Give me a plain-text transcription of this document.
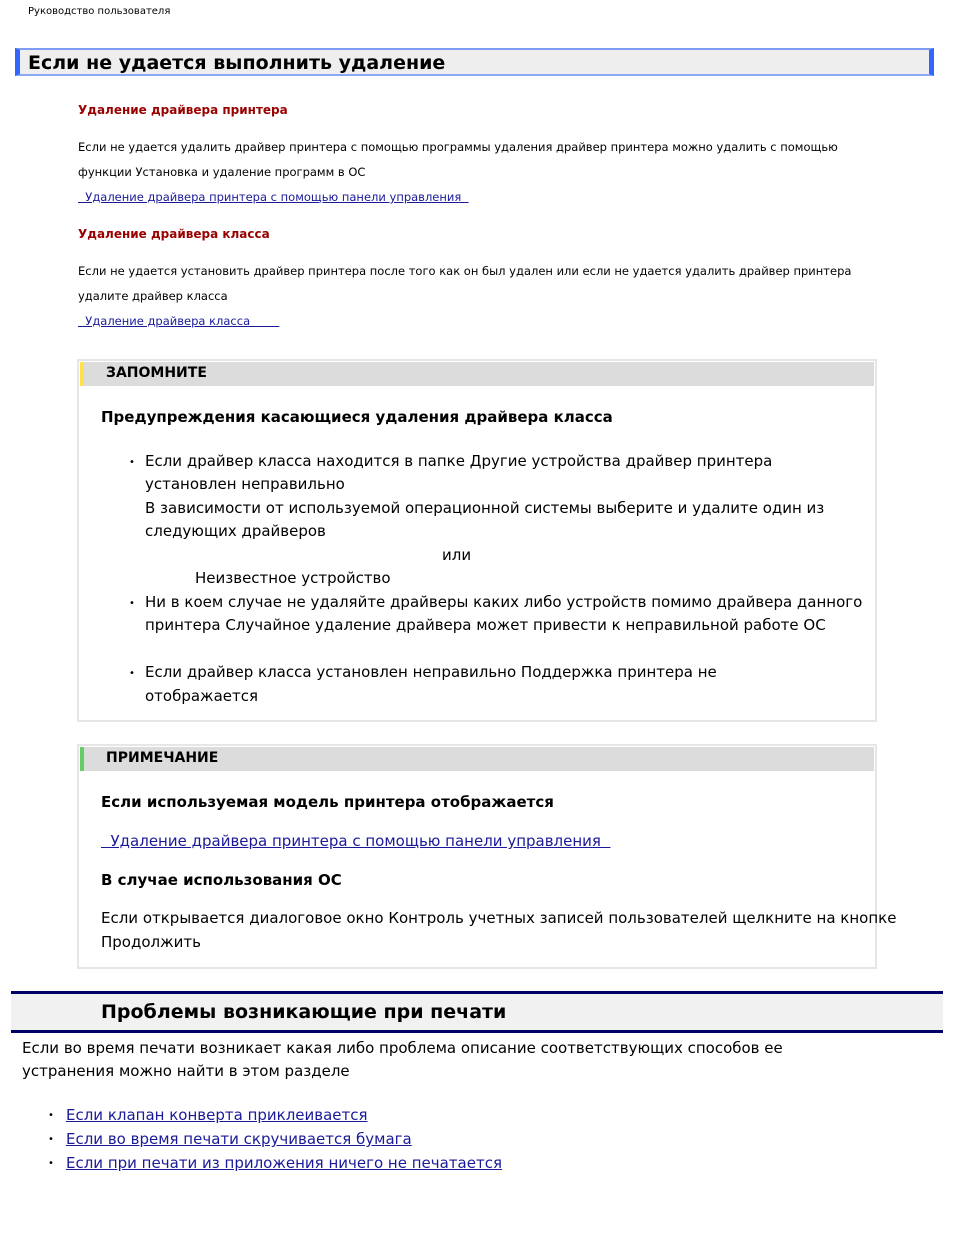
Руководство пользователя
Если не удается выполнить удаление
Удаление драйвера принтера
Если не удается удалить драйвер принтера с помощью программы удаления драйвер принтера можно удалить с помощью
функции Установка и удаление программ в ОС
Удаление драйвера принтера с помощью панели управления
Удаление драйвера класса
Если не удается установить драйвер принтера после того как он был удален или если не удается удалить драйвер принтера
удалите драйвер класса
Удаление драйвера класса
ЗАПОМНИТЕ
Предупреждения касающиеся удаления драйвера класса
• Если драйвер класса находится в папке Другие устройства драйвер принтера
установлен неправильно
В зависимости от используемой операционной системы выберите и удалите один из
следующих драйверов
или
Неизвестное устройство
• Ни в коем случае не удаляйте драйверы каких либо устройств помимо драйвера данного
принтера Случайное удаление драйвера может привести к неправильной работе ОС
• Если драйвер класса установлен неправильно Поддержка принтера не
отображается
ПРИМЕЧАНИЕ
Если используемая модель принтера отображается
Удаление драйвера принтера с помощью панели управления
В случае использования ОС
Если открывается диалоговое окно Контроль учетных записей пользователей щелкните на кнопке
Продолжить
Проблемы возникающие при печати
Если во время печати возникает какая либо проблема описание соответствующих способов ее
устранения можно найти в этом разделе
• Если клапан конверта приклеивается
• Если во время печати скручивается бумага
• Если при печати из приложения ничего не печатается
